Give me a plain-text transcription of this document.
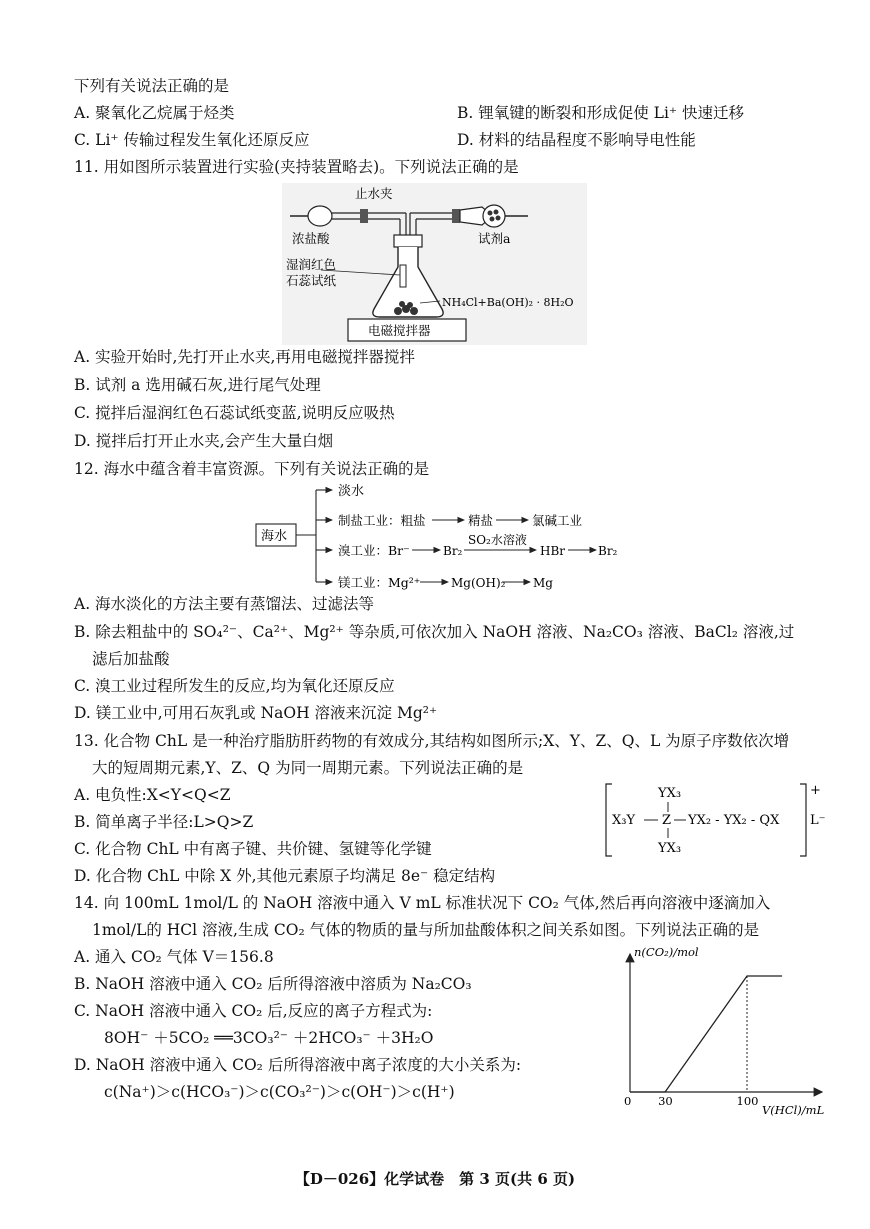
下列有关说法正确的是
A. 聚氧化乙烷属于烃类	B. 锂氧键的断裂和形成促使 Li⁺ 快速迁移
C. Li⁺ 传输过程发生氧化还原反应	D. 材料的结晶程度不影响导电性能
11. 用如图所示装置进行实验(夹持装置略去)。下列说法正确的是
止水夹
浓盐酸	试剂a
湿润红色
石蕊试纸
NH₄Cl+Ba(OH)₂ · 8H₂O
电磁搅拌器
A. 实验开始时,先打开止水夹,再用电磁搅拌器搅拌
B. 试剂 a 选用碱石灰,进行尾气处理
C. 搅拌后湿润红色石蕊试纸变蓝,说明反应吸热
D. 搅拌后打开止水夹,会产生大量白烟
12. 海水中蕴含着丰富资源。下列有关说法正确的是
海水
淡水
制盐工业：粗盐	精盐	氯碱工业
溴工业：Br⁻	Br₂
SO₂水溶液
HBr	Br₂
镁工业：Mg²⁺	Mg(OH)₂ Mg
A. 海水淡化的方法主要有蒸馏法、过滤法等
B. 除去粗盐中的 SO₄²⁻、Ca²⁺、Mg²⁺ 等杂质,可依次加入 NaOH 溶液、Na₂CO₃ 溶液、BaCl₂ 溶液,过
滤后加盐酸
C. 溴工业过程所发生的反应,均为氧化还原反应
D. 镁工业中,可用石灰乳或 NaOH 溶液来沉淀 Mg²⁺
13. 化合物 ChL 是一种治疗脂肪肝药物的有效成分,其结构如图所示;X、Y、Z、Q、L 为原子序数依次增
大的短周期元素,Y、Z、Q 为同一周期元素。下列说法正确的是
A. 电负性:X<Y<Q<Z
B. 简单离子半径:L>Q>Z
C. 化合物 ChL 中有离子键、共价键、氢键等化学键
D. 化合物 ChL 中除 X 外,其他元素原子均满足 8e⁻ 稳定结构
YX₃
X₃Y Z YX₂ - YX₂ - QX
YX₃
+
L⁻
14. 向 100mL 1mol/L 的 NaOH 溶液中通入 V mL 标准状况下 CO₂ 气体,然后再向溶液中逐滴加入
1mol/L的 HCl 溶液,生成 CO₂ 气体的物质的量与所加盐酸体积之间关系如图。下列说法正确的是
A. 通入 CO₂ 气体 V＝156.8
B. NaOH 溶液中通入 CO₂ 后所得溶液中溶质为 Na₂CO₃
C. NaOH 溶液中通入 CO₂ 后,反应的离子方程式为:
8OH⁻ ＋5CO₂ ══3CO₃²⁻ ＋2HCO₃⁻ ＋3H₂O
D. NaOH 溶液中通入 CO₂ 后所得溶液中离子浓度的大小关系为:
c(Na⁺)＞c(HCO₃⁻)＞c(CO₃²⁻)＞c(OH⁻)＞c(H⁺)
n(CO₂)/mol
V(HCl)/mL
0 30	100
【D－026】化学试卷　第 3 页(共 6 页)
